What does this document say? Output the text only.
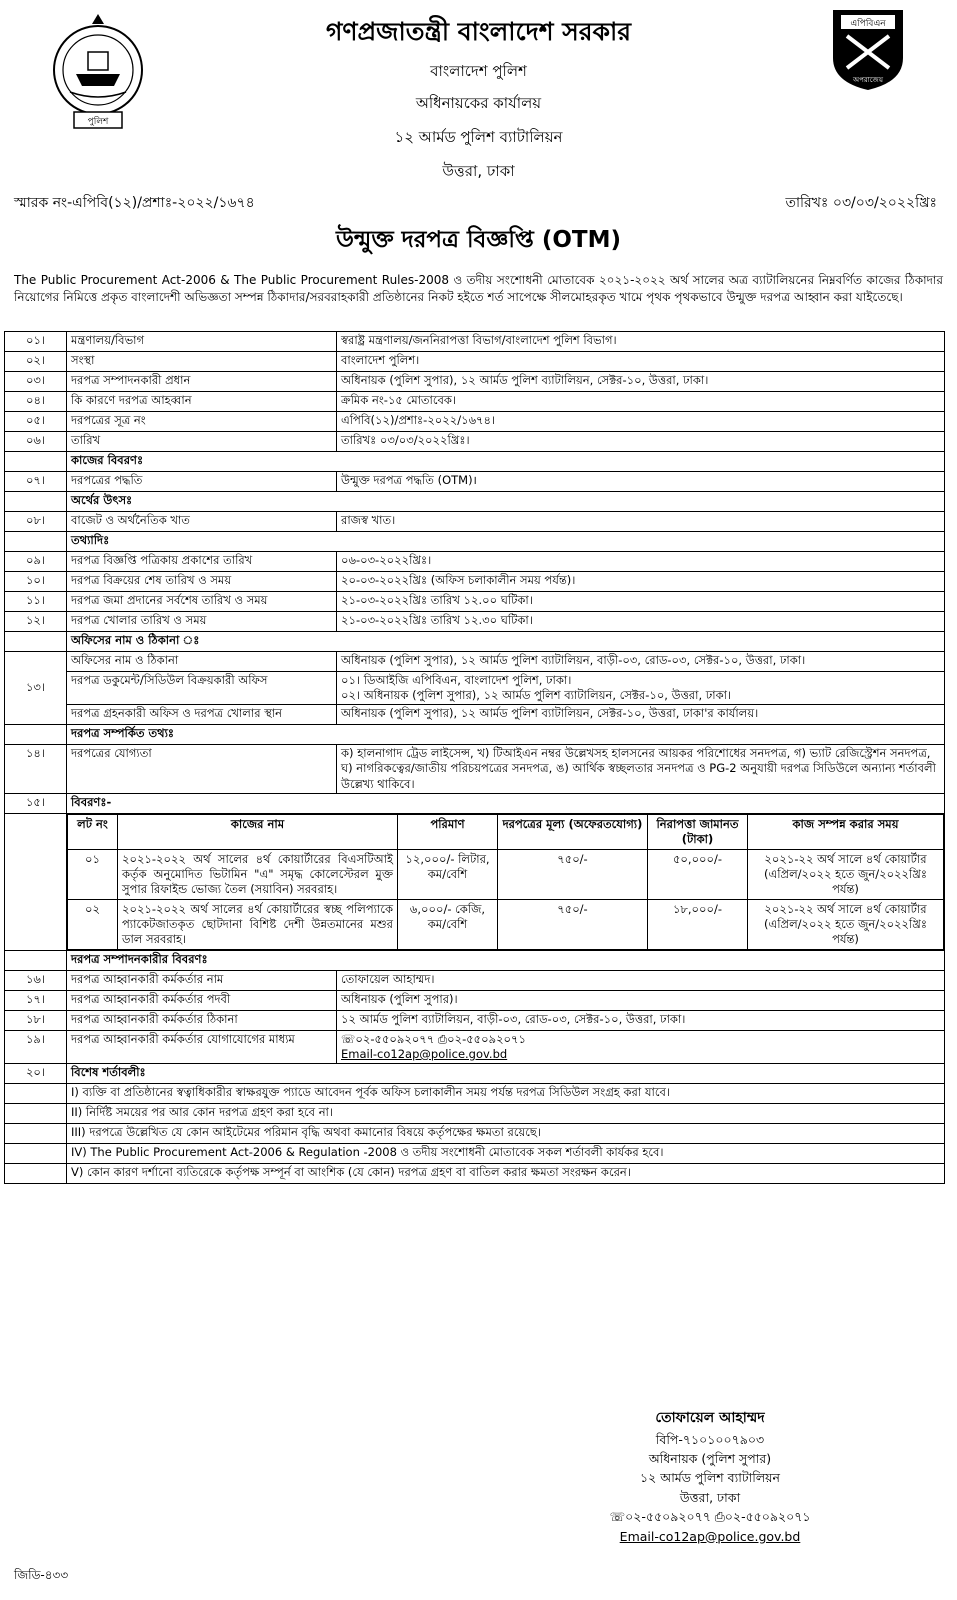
পুলিশ
গণপ্রজাতন্ত্রী বাংলাদেশ সরকার
বাংলাদেশ পুলিশ
অধিনায়কের কার্যালয়
১২ আর্মড পুলিশ ব্যাটালিয়ন
উত্তরা, ঢাকা
এপিবিএন
অপরাজেয়
স্মারক নং-এপিবি(১২)/প্রশাঃ-২০২২/১৬৭৪	তারিখঃ ০৩/০৩/২০২২খ্রিঃ
উন্মুক্ত দরপত্র বিজ্ঞপ্তি (OTM)
The Public Procurement Act-2006 & The Public Procurement Rules-2008 ও তদীয় সংশোধনী মোতাবেক ২০২১-২০২২ অর্থ সালের অত্র ব্যাটালিয়নের নিম্নবর্ণিত কাজের ঠিকাদার নিয়োগের নিমিত্তে প্রকৃত বাংলাদেশী অভিজ্ঞতা সম্পন্ন ঠিকাদার/সরবরাহকারী প্রতিষ্ঠানের নিকট হইতে শর্ত সাপেক্ষে সীলমোহরকৃত খামে পৃথক পৃথকভাবে উন্মুক্ত দরপত্র আহ্বান করা যাইতেছে।
০১।	মন্ত্রণালয়/বিভাগ	স্বরাষ্ট্র মন্ত্রণালয়/জননিরাপত্তা বিভাগ/বাংলাদেশ পুলিশ বিভাগ।
০২।	সংস্থা	বাংলাদেশ পুলিশ।
০৩।	দরপত্র সম্পাদনকারী প্রধান	অধিনায়ক (পুলিশ সুপার), ১২ আর্মড পুলিশ ব্যাটালিয়ন, সেক্টর-১০, উত্তরা, ঢাকা।
০৪।	কি কারণে দরপত্র আহব্বান	ক্রমিক নং-১৫ মোতাবেক।
০৫।	দরপত্রের সূত্র নং	এপিবি(১২)/প্রশাঃ-২০২২/১৬৭৪।
০৬।	তারিখ	তারিখঃ ০৩/০৩/২০২২খ্রিঃ।
	কাজের বিবরণঃ
০৭।	দরপত্রের পদ্ধতি	উন্মুক্ত দরপত্র পদ্ধতি (OTM)।
	অর্থের উৎসঃ
০৮।	বাজেট ও অর্থনৈতিক খাত	রাজস্ব খাত।
	তথ্যাদিঃ
০৯।	দরপত্র বিজ্ঞপ্তি পত্রিকায় প্রকাশের তারিখ	০৬-০৩-২০২২খ্রিঃ।
১০।	দরপত্র বিক্রয়ের শেষ তারিখ ও সময়	২০-০৩-২০২২খ্রিঃ (অফিস চলাকালীন সময় পর্যন্ত)।
১১।	দরপত্র জমা প্রদানের সর্বশেষ তারিখ ও সময়	২১-০৩-২০২২খ্রিঃ তারিখ ১২.০০ ঘটিকা।
১২।	দরপত্র খোলার তারিখ ও সময়	২১-০৩-২০২২খ্রিঃ তারিখ ১২.৩০ ঘটিকা।
	অফিসের নাম ও ঠিকানা ঃ
১৩।	অফিসের নাম ও ঠিকানা	অধিনায়ক (পুলিশ সুপার), ১২ আর্মড পুলিশ ব্যাটালিয়ন, বাড়ী-০৩, রোড-০৩, সেক্টর-১০, উত্তরা, ঢাকা।
দরপত্র ডকুমেন্ট/সিডিউল বিক্রয়কারী অফিস	০১। ডিআইজি এপিবিএন, বাংলাদেশ পুলিশ, ঢাকা।
০২। অধিনায়ক (পুলিশ সুপার), ১২ আর্মড পুলিশ ব্যাটালিয়ন, সেক্টর-১০, উত্তরা, ঢাকা।

দরপত্র গ্রহনকারী অফিস ও দরপত্র খোলার স্থান	অধিনায়ক (পুলিশ সুপার), ১২ আর্মড পুলিশ ব্যাটালিয়ন, সেক্টর-১০, উত্তরা, ঢাকা'র কার্যালয়।
	দরপত্র সম্পর্কিত তথ্যঃ
১৪।	দরপত্রের যোগ্যতা	ক) হালনাগাদ ট্রেড লাইসেন্স, খ) টিআইএন নম্বর উল্লেখসহ হালসনের আয়কর পরিশোধের সনদপত্র, গ) ভ্যাট রেজিস্ট্রেশন সনদপত্র, ঘ) নাগরিকত্বের/জাতীয় পরিচয়পত্রের সনদপত্র, ঙ) আর্থিক স্বচ্ছলতার সনদপত্র ও PG-2 অনুযায়ী দরপত্র সিডিউলে অন্যান্য শর্তাবলী উল্লেখ্য থাকিবে।
১৫।	বিবরণঃ-

লট নং	কাজের নাম	পরিমাণ	দরপত্রের মূল্য (অফেরতযোগ্য)	নিরাপত্তা জামানত (টাকা)	কাজ সম্পন্ন করার সময়
০১	২০২১-২০২২ অর্থ সালের ৪র্থ কোয়ার্টারের বিএসটিআই কর্তৃক অনুমোদিত ভিটামিন "এ" সমৃদ্ধ কোলেস্টেরল মুক্ত সুপার রিফাইন্ড ভোজ্য তৈল (সয়াবিন) সরবরাহ।	১২,০০০/- লিটার, কম/বেশি	৭৫০/-	৫০,০০০/-	২০২১-২২ অর্থ সালে ৪র্থ কোয়ার্টার (এপ্রিল/২০২২ হতে জুন/২০২২খ্রিঃ পর্যন্ত)
০২	২০২১-২০২২ অর্থ সালের ৪র্থ কোয়ার্টারের স্বচ্ছ পলিপ্যাকে প্যাকেটজাতকৃত ছোটদানা বিশিষ্ট দেশী উন্নতমানের মশুর ডাল সরবরাহ।	৬,০০০/- কেজি, কম/বেশি	৭৫০/-	১৮,০০০/-	২০২১-২২ অর্থ সালে ৪র্থ কোয়ার্টার (এপ্রিল/২০২২ হতে জুন/২০২২খ্রিঃ পর্যন্ত)

	দরপত্র সম্পাদনকারীর বিবরণঃ
১৬।	দরপত্র আহ্বানকারী কর্মকর্তার নাম	তোফায়েল আহাম্মদ।
১৭।	দরপত্র আহ্বানকারী কর্মকর্তার পদবী	অধিনায়ক (পুলিশ সুপার)।
১৮।	দরপত্র আহ্বানকারী কর্মকর্তার ঠিকানা	১২ আর্মড পুলিশ ব্যাটালিয়ন, বাড়ী-০৩, রোড-০৩, সেক্টর-১০, উত্তরা, ঢাকা।
১৯।	দরপত্র আহ্বানকারী কর্মকর্তার যোগাযোগের মাধ্যম	☏০২-৫৫০৯২০৭৭ ⎙০২-৫৫০৯২০৭১
Email-co12ap@police.gov.bd

২০।	বিশেষ শর্তাবলীঃ
	I) ব্যক্তি বা প্রতিষ্ঠানের স্বত্বাধিকারীর স্বাক্ষরযুক্ত প্যাডে আবেদন পূর্বক অফিস চলাকালীন সময় পর্যন্ত দরপত্র সিডিউল সংগ্রহ করা যাবে।
	II) নির্দিষ্ট সময়ের পর আর কোন দরপত্র গ্রহণ করা হবে না।
	III) দরপত্রে উল্লেখিত যে কোন আইটেমের পরিমান বৃদ্ধি অথবা কমানোর বিষয়ে কর্তৃপক্ষের ক্ষমতা রয়েছে।
	IV) The Public Procurement Act-2006 & Regulation -2008 ও তদীয় সংশোধনী মোতাবেক সকল শর্তাবলী কার্যকর হবে।
	V) কোন কারণ দর্শানো ব্যতিরেকে কর্তৃপক্ষ সম্পূর্ন বা আংশিক (যে কোন) দরপত্র গ্রহণ বা বাতিল করার ক্ষমতা সংরক্ষন করেন।
তোফায়েল আহাম্মদ
বিপি-৭১০১০০৭৯০৩
অধিনায়ক (পুলিশ সুপার)
১২ আর্মড পুলিশ ব্যাটালিয়ন
উত্তরা, ঢাকা
☏০২-৫৫০৯২০৭৭ ⎙০২-৫৫০৯২০৭১
Email-co12ap@police.gov.bd
জিডি-৪৩৩
